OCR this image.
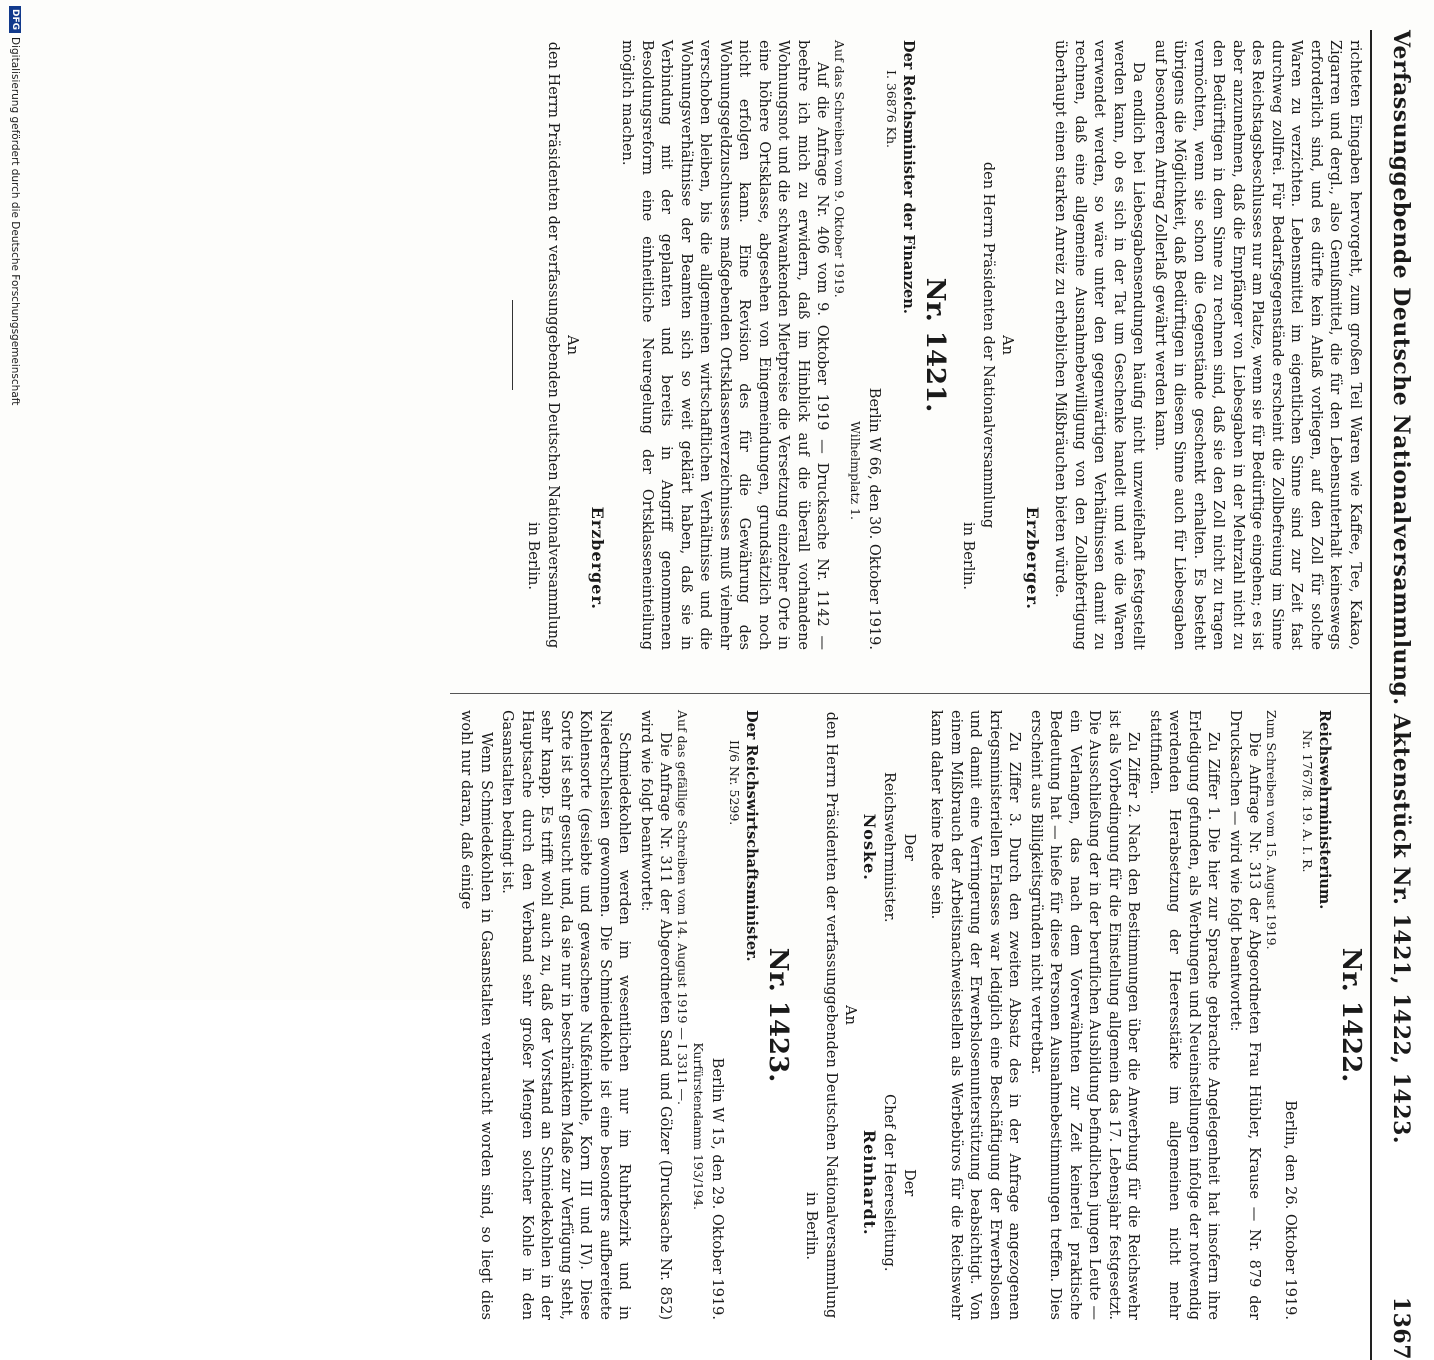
Verfassunggebende Deutsche Nationalversammlung. Aktenstück Nr. 1421, 1422, 1423.
1367

richteten Eingaben hervorgeht, zum großen Teil Waren wie Kaffee, Tee, Kakao, Zigarren und dergl., also Genußmittel, die für den Lebensunterhalt keineswegs erforderlich sind, und es dürfte kein Anlaß vorliegen, auf den Zoll für solche Waren zu verzichten. Lebensmittel im eigentlichen Sinne sind zur Zeit fast durchweg zollfrei. Für Bedarfsgegenstände erscheint die Zollbefreiung im Sinne des Reichstagsbeschlusses nur am Platze, wenn sie für Bedürftige eingehen; es ist aber anzunehmen, daß die Empfänger von Liebesgaben in der Mehrzahl nicht zu den Bedürftigen in dem Sinne zu rechnen sind, daß sie den Zoll nicht zu tragen vermöchten, wenn sie schon die Gegenstände geschenkt erhalten. Es besteht übrigens die Möglichkeit, daß Bedürftigen in diesem Sinne auch für Liebesgaben auf besonderen Antrag Zollerlaß gewährt werden kann.

Da endlich bei Liebesgabensendungen häufig nicht unzweifelhaft festgestellt werden kann, ob es sich in der Tat um Geschenke handelt und wie die Waren verwendet werden, so wäre unter den gegenwärtigen Verhältnissen damit zu rechnen, daß eine allgemeine Ausnahmebewilligung von den Zollabfertigung überhaupt einen starken Anreiz zu erheblichen Mißbräuchen bieten würde.

Erzberger.
An
den Herrn Präsidenten der Nationalversammlung
in Berlin.
Nr. 1421.
Der Reichsminister der Finanzen.
I. 36876 Kh.
Berlin W 66, den 30. Oktober 1919.
Wilhelmplatz 1.
Auf das Schreiben vom 9. Oktober 1919.

Auf die Anfrage Nr. 406 vom 9. Oktober 1919 — Drucksache Nr. 1142 — beehre ich mich zu erwidern, daß im Hinblick auf die überall vorhandene Wohnungsnot und die schwankenden Mietpreise die Versetzung einzelner Orte in eine höhere Ortsklasse, abgesehen von Eingemeindungen, grundsätzlich noch nicht erfolgen kann. Eine Revision des für die Gewährung des Wohnungsgeldzuschusses maßgebenden Ortsklassenverzeichnisses muß vielmehr verschoben bleiben, bis die allgemeinen wirtschaftlichen Verhältnisse und die Wohnungsverhältnisse der Beamten sich so weit geklärt haben, daß sie in Verbindung mit der geplanten und bereits in Angriff genommenen Besoldungsreform eine einheitliche Neuregelung der Ortsklasseneinteilung möglich machen.

Erzberger.
An
den Herrn Präsidenten der verfassunggebenden Deutschen Nationalversammlung
in Berlin.
Nr. 1422.
Reichswehrministerium.
Nr. 1767/8. 19. A. I. R.
Berlin, den 26. Oktober 1919.
Zum Schreiben vom 15. August 1919.

Die Anfrage Nr. 313 der Abgeordneten Frau Hübler, Krause — Nr. 879 der Drucksachen — wird wie folgt beantwortet:

Zu Ziffer 1. Die hier zur Sprache gebrachte Angelegenheit hat insofern ihre Erledigung gefunden, als Werbungen und Neueinstellungen infolge der notwendig werdenden Herabsetzung der Heeresstärke im allgemeinen nicht mehr stattfinden.

Zu Ziffer 2. Nach den Bestimmungen über die Anwerbung für die Reichswehr ist als Vorbedingung für die Einstellung allgemein das 17. Lebensjahr festgesetzt. Die Ausschließung der in der beruflichen Ausbildung befindlichen jungen Leute — ein Verlangen, das nach dem Vorerwähnten zur Zeit keinerlei praktische Bedeutung hat — hieße für diese Personen Ausnahmebestimmungen treffen. Dies erscheint aus Billigkeitsgründen nicht vertretbar.

Zu Ziffer 3. Durch den zweiten Absatz des in der Anfrage angezogenen kriegsministeriellen Erlasses war lediglich eine Beschäftigung der Erwerbslosen und damit eine Verringerung der Erwerbslosenunterstützung beabsichtigt. Von einem Mißbrauch der Arbeitsnachweisstellen als Werbebüros für die Reichswehr kann daher keine Rede sein.

Der
Reichswehrminister.
Noske.
Der
Chef der Heeresleitung.
Reinhardt.
An
den Herrn Präsidenten der verfassunggebenden Deutschen Nationalversammlung
in Berlin.
Nr. 1423.
Der Reichswirtschaftsminister.
II/6 Nr. 5299.
Berlin W 15, den 29. Oktober 1919.
Kurfürstendamm 193/194.
Auf das gefällige Schreiben vom 14. August 1919 — I 3311 —.

Die Anfrage Nr. 311 der Abgeordneten Sand und Gölzer (Drucksache Nr. 852) wird wie folgt beantwortet:

Schmiedekohlen werden im wesentlichen nur im Ruhrbezirk und in Niederschlesien gewonnen. Die Schmiedekohle ist eine besonders aufbereitete Kohlensorte (gesiebte und gewaschene Nußfeinkohle, Korn III und IV). Diese Sorte ist sehr gesucht und, da sie nur in beschränktem Maße zur Verfügung steht, sehr knapp. Es trifft wohl auch zu, daß der Vorstand an Schmiedekohlen in der Hauptsache durch den Verband sehr großer Mengen solcher Kohle in den Gasanstalten bedingt ist.

Wenn Schmiedekohlen in Gasanstalten verbraucht worden sind, so liegt dies wohl nur daran, daß einige

DFG
Digitalisierung gefördert durch die Deutsche Forschungsgemeinschaft
